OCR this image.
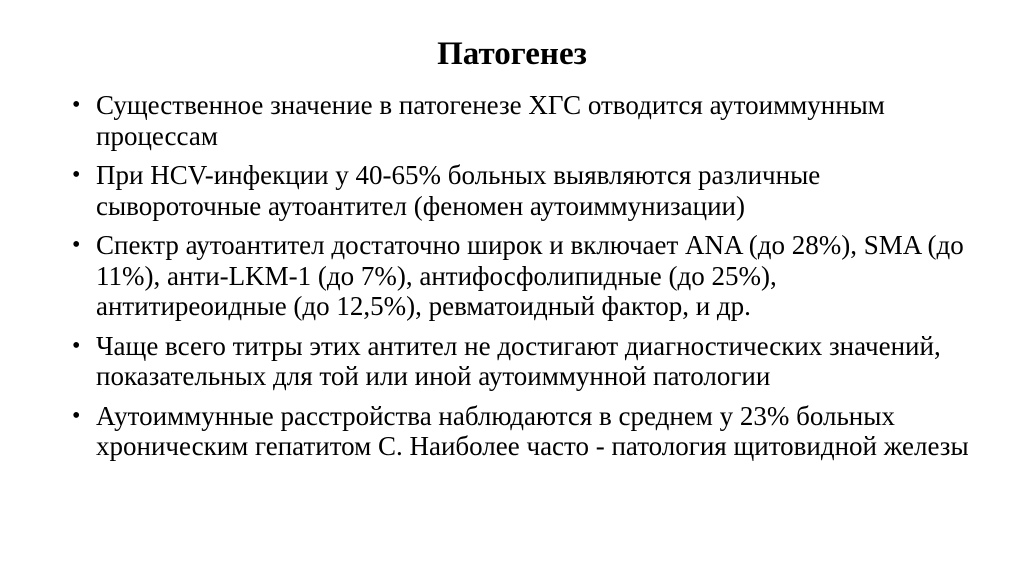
Патогенез
• Существенное значение в патогенезе ХГС отводится аутоиммунным процессам
• При HCV-инфекции у 40-65% больных выявляются различные сывороточные аутоантител (феномен аутоиммунизации)
• Спектр аутоантител достаточно широк и включает ANA (до 28%), SMA (до 11%), анти-LKM-1 (до 7%), антифосфолипидные (до 25%), антитиреоидные (до 12,5%), ревматоидный фактор, и др.
• Чаще всего титры этих антител не достигают диагностических значений, показательных для той или иной аутоиммунной патологии
• Аутоиммунные расстройства наблюдаются в среднем у 23% больных хроническим гепатитом С. Наиболее часто - патология щитовидной железы
